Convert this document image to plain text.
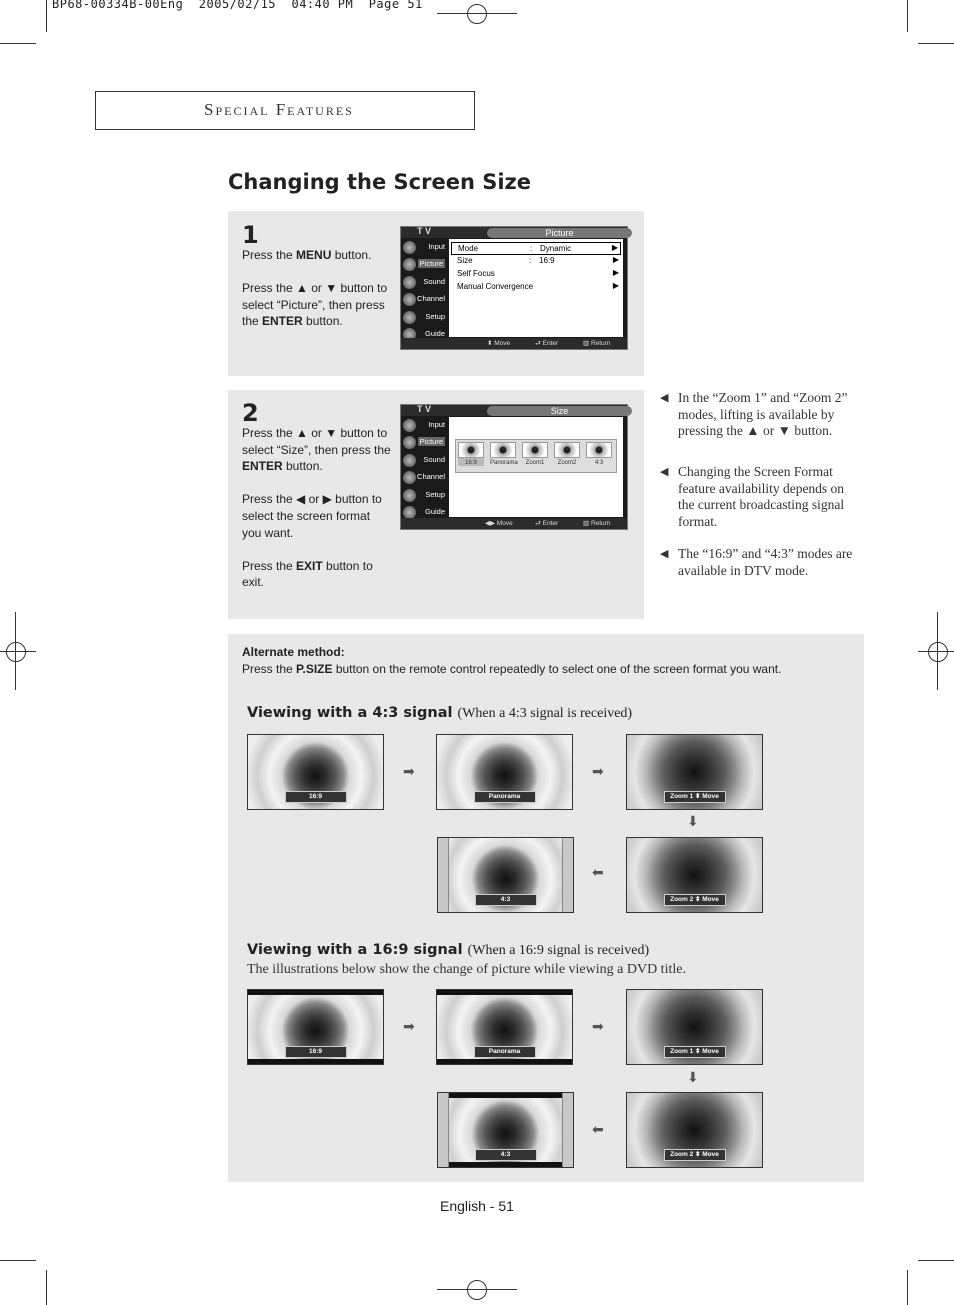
BP68-00334B-00Eng  2005/02/15  04:40 PM  Page 51
Special Features
Changing the Screen Size
1

Press the MENU button.

Press the ▲ or ▼ button to select “Picture”, then press the ENTER button.

T V	Picture
Input
Picture
Sound
Channel
Setup
Guide
Mode	: Dynamic	▶
Size	: 16:9	▶
Self Focus	▶
Manual Convergence	▶
⬍ Move	⮐ Enter	▥ Return
2

Press the ▲ or ▼ button to select “Size”, then press the ENTER button.

Press the ◀ or ▶ button to select the screen format you want.

Press the EXIT button to exit.

T V	Size
Input
Picture
Sound
Channel
Setup
Guide
16:9	Panorama	Zoom1	Zoom2	4:3
◀▶ Move	⮐ Enter	▥ Return
◀ In the “Zoom 1” and “Zoom 2” modes, lifting is available by pressing the ▲ or ▼ button.
◀ Changing the Screen Format feature availability depends on the current broadcasting signal format.
◀ The “16:9” and “4:3” modes are available in DTV mode.
Alternate method:
Press the P.SIZE button on the remote control repeatedly to select one of the screen format you want.
Viewing with a 4:3 signal (When a 4:3 signal is received)
16:9
➡
Panorama
➡
Zoom 1 ⬍ Move
⬇
4:3
⬅
Zoom 2 ⬍ Move
Viewing with a 16:9 signal (When a 16:9 signal is received)
The illustrations below show the change of picture while viewing a DVD title.
16:9
➡
Panorama
➡
Zoom 1 ⬍ Move
⬇
4:3
⬅
Zoom 2 ⬍ Move
English - 51
